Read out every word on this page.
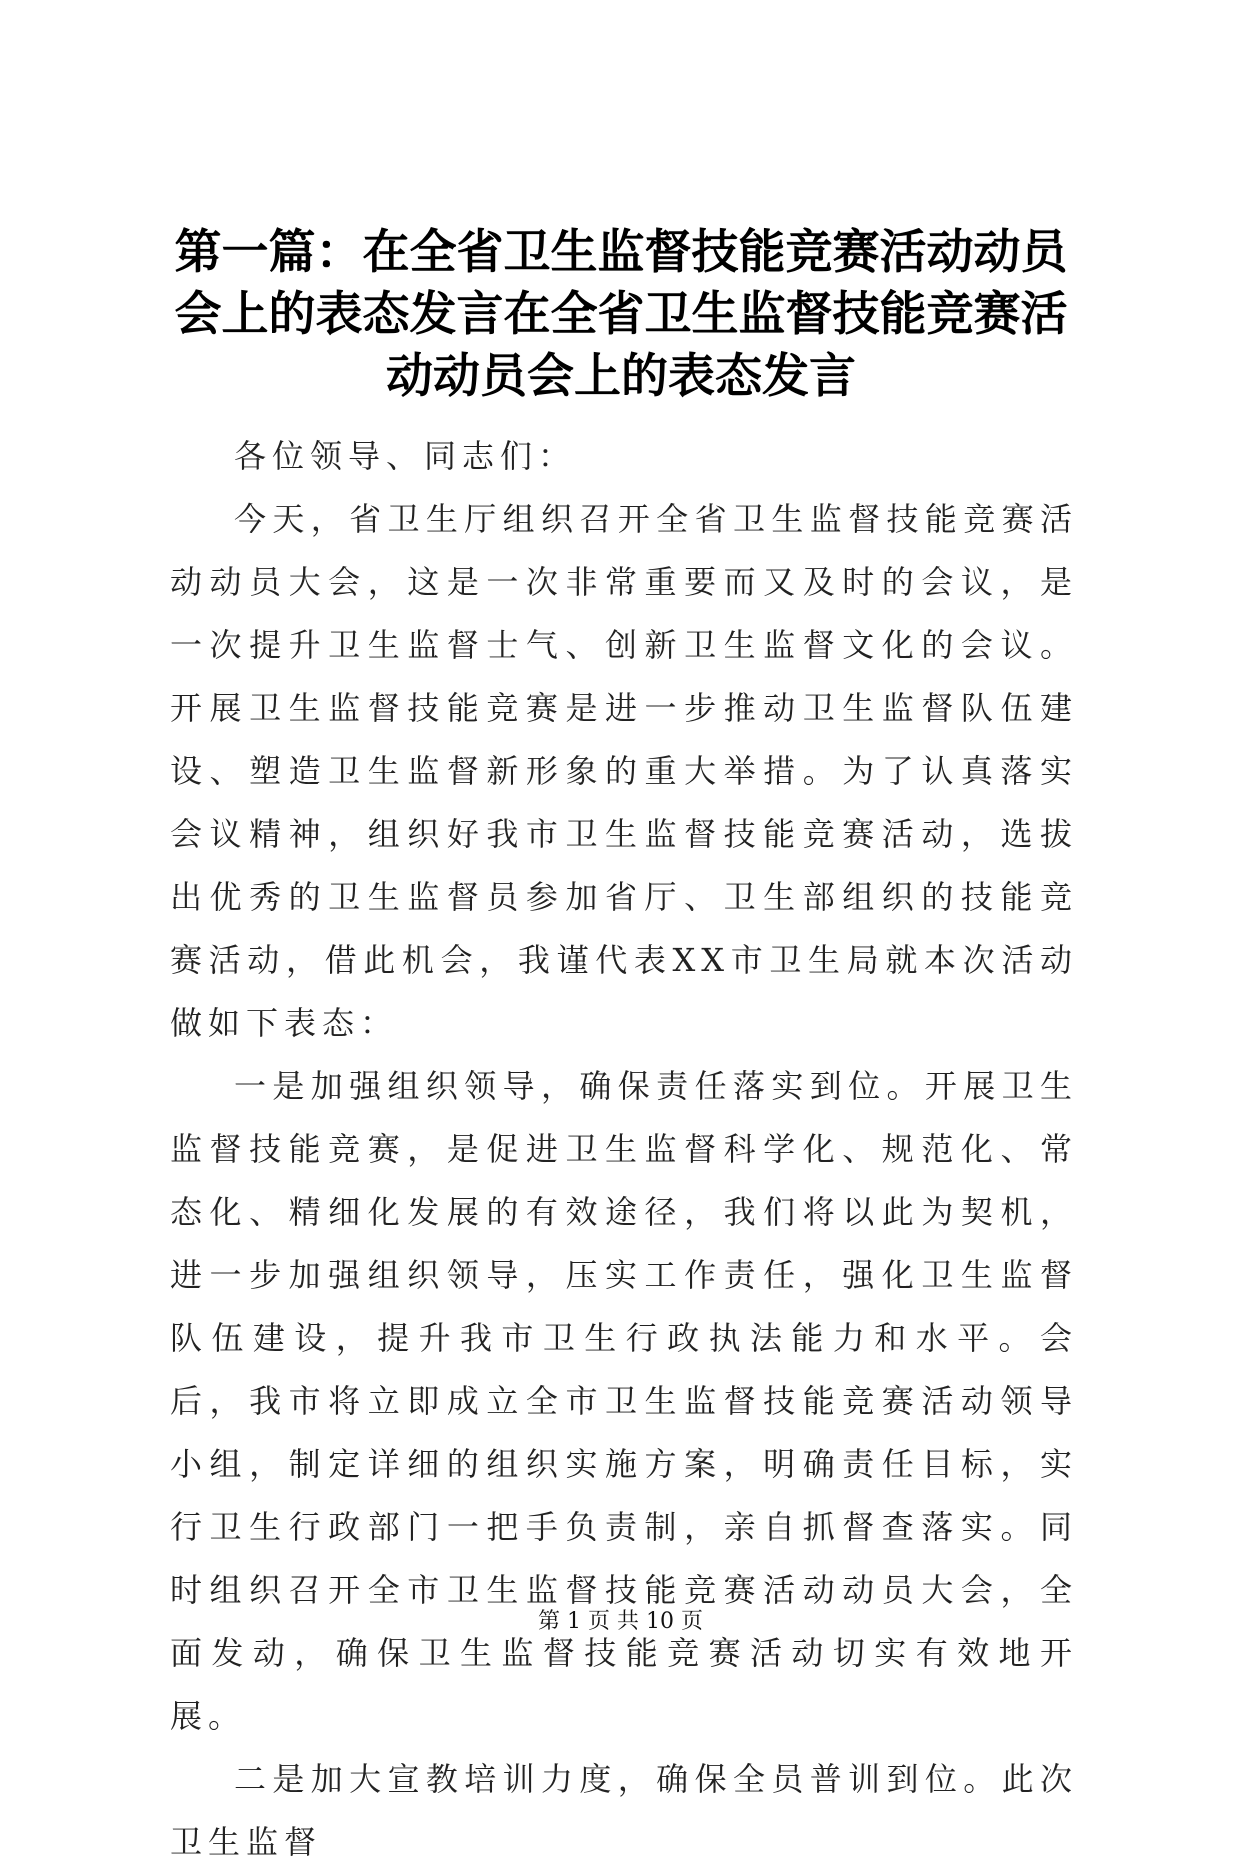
第一篇：在全省卫生监督技能竞赛活动动员会上的表态发言在全省卫生监督技能竞赛活动动员会上的表态发言

各位领导、同志们：

今天，省卫生厅组织召开全省卫生监督技能竞赛活动动员大会，这是一次非常重要而又及时的会议，是一次提升卫生监督士气、创新卫生监督文化的会议。开展卫生监督技能竞赛是进一步推动卫生监督队伍建设、塑造卫生监督新形象的重大举措。为了认真落实会议精神，组织好我市卫生监督技能竞赛活动，选拔出优秀的卫生监督员参加省厅、卫生部组织的技能竞赛活动，借此机会，我谨代表XX市卫生局就本次活动做如下表态：

一是加强组织领导，确保责任落实到位。开展卫生监督技能竞赛，是促进卫生监督科学化、规范化、常态化、精细化发展的有效途径，我们将以此为契机，进一步加强组织领导，压实工作责任，强化卫生监督队伍建设，提升我市卫生行政执法能力和水平。会后，我市将立即成立全市卫生监督技能竞赛活动领导小组，制定详细的组织实施方案，明确责任目标，实行卫生行政部门一把手负责制，亲自抓督查落实。同时组织召开全市卫生监督技能竞赛活动动员大会，全面发动，确保卫生监督技能竞赛活动切实有效地开展。

二是加大宣教培训力度，确保全员普训到位。此次卫生监督

第 1 页 共 10 页
